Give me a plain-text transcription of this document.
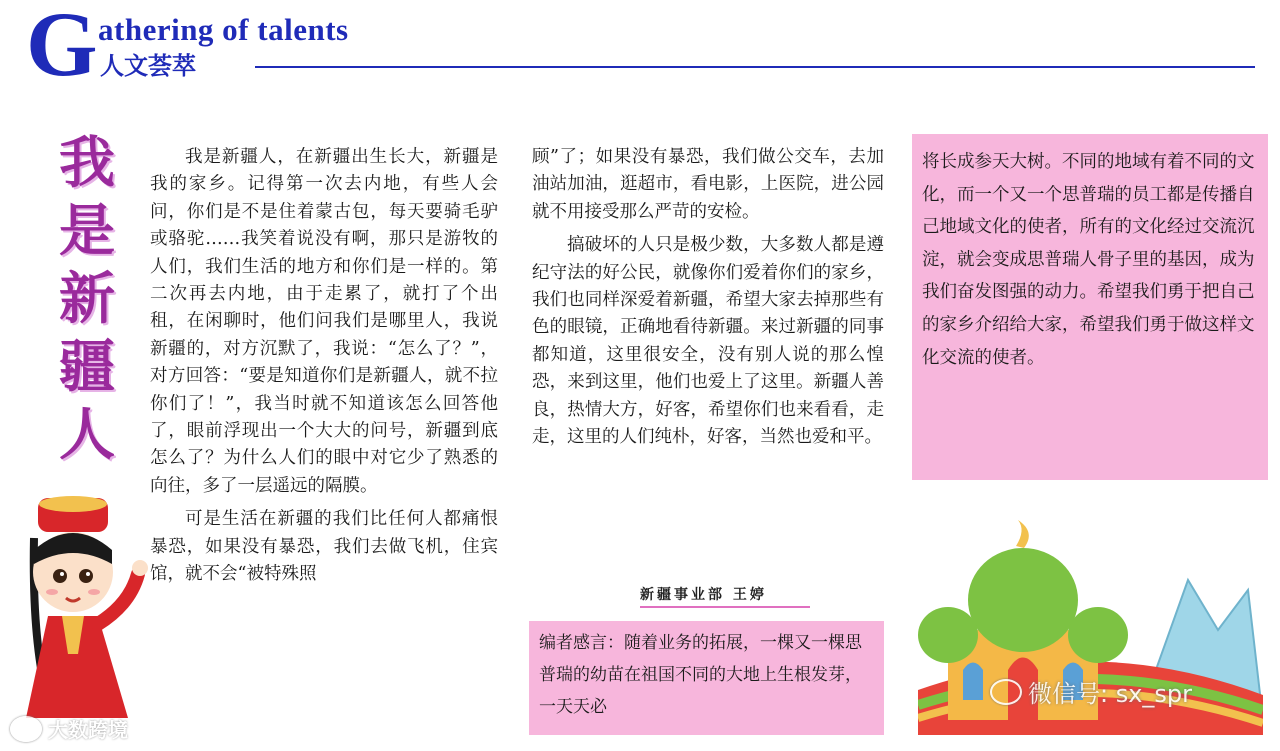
G athering of talents
人文荟萃
我
是
新
疆
人

我是新疆人，在新疆出生长大，新疆是我的家乡。记得第一次去内地，有些人会问，你们是不是住着蒙古包，每天要骑毛驴或骆驼……我笑着说没有啊，那只是游牧的人们，我们生活的地方和你们是一样的。第二次再去内地，由于走累了，就打了个出租，在闲聊时，他们问我们是哪里人，我说新疆的，对方沉默了，我说：“怎么了？”，对方回答：“要是知道你们是新疆人，就不拉你们了！”，我当时就不知道该怎么回答他了，眼前浮现出一个大大的问号，新疆到底怎么了？为什么人们的眼中对它少了熟悉的向往，多了一层遥远的隔膜。

可是生活在新疆的我们比任何人都痛恨暴恐，如果没有暴恐，我们去做飞机，住宾馆，就不会“被特殊照

顾”了；如果没有暴恐，我们做公交车，去加油站加油，逛超市，看电影，上医院，进公园就不用接受那么严苛的安检。

搞破坏的人只是极少数，大多数人都是遵纪守法的好公民，就像你们爱着你们的家乡，我们也同样深爱着新疆，希望大家去掉那些有色的眼镜，正确地看待新疆。来过新疆的同事都知道，这里很安全，没有别人说的那么惶恐，来到这里，他们也爱上了这里。新疆人善良，热情大方，好客，希望你们也来看看，走走，这里的人们纯朴，好客，当然也爱和平。

新疆事业部 王婷
编者感言：随着业务的拓展，一棵又一棵思普瑞的幼苗在祖国不同的大地上生根发芽，一天天必
将长成参天大树。不同的地域有着不同的文化，而一个又一个思普瑞的员工都是传播自己地域文化的使者，所有的文化经过交流沉淀，就会变成思普瑞人骨子里的基因，成为我们奋发图强的动力。希望我们勇于把自己的家乡介绍给大家，希望我们勇于做这样文化交流的使者。
大数跨境
微信号: sx_spr
